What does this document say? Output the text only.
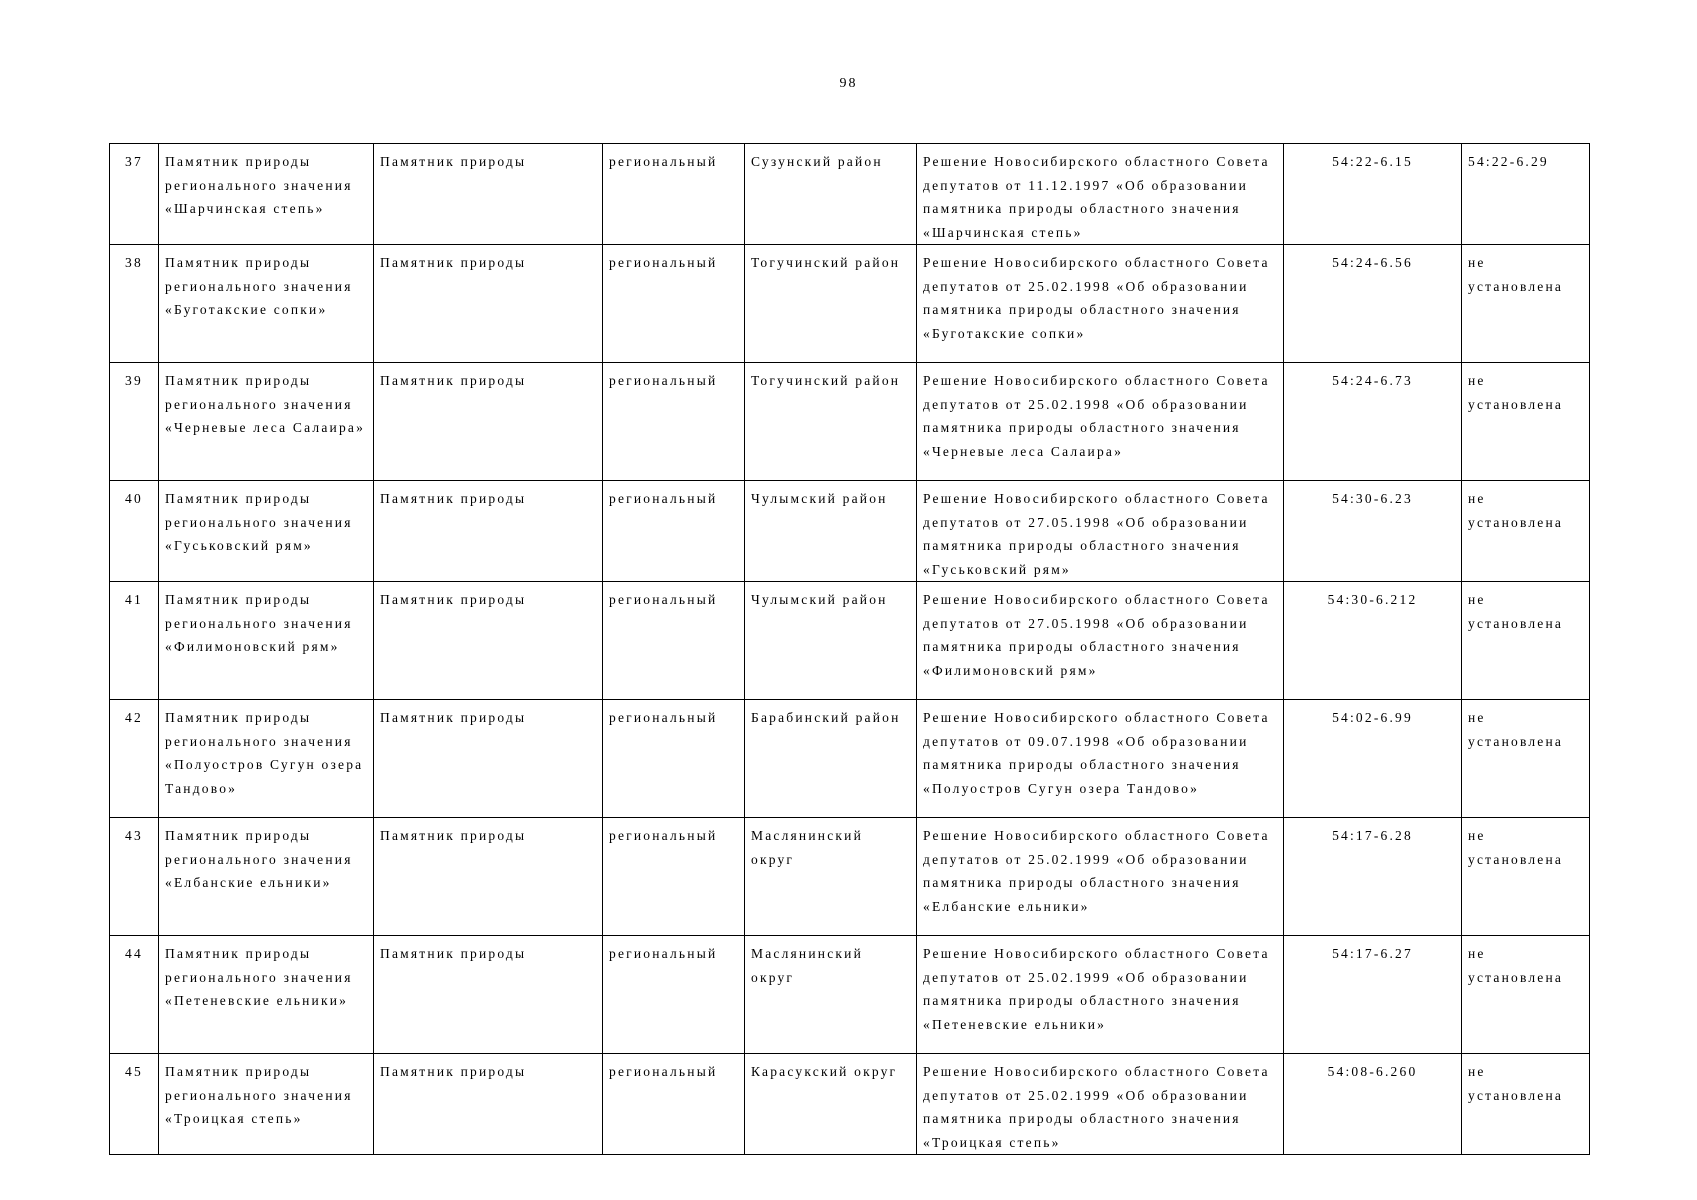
98
37	Памятник природы регионального значения «Шарчинская степь»	Памятник природы	региональный	Сузунский район	Решение Новосибирского областного Совета депутатов от 11.12.1997 «Об образовании памятника природы областного значения «Шарчинская степь»	54:22-6.15	54:22-6.29
38	Памятник природы регионального значения «Буготакские сопки»	Памятник природы	региональный	Тогучинский район	Решение Новосибирского областного Совета депутатов от 25.02.1998 «Об образовании памятника природы областного значения «Буготакские сопки»	54:24-6.56	не установлена
39	Памятник природы регионального значения «Черневые леса Салаира»	Памятник природы	региональный	Тогучинский район	Решение Новосибирского областного Совета депутатов от 25.02.1998 «Об образовании памятника природы областного значения «Черневые леса Салаира»	54:24-6.73	не установлена
40	Памятник природы регионального значения «Гуськовский рям»	Памятник природы	региональный	Чулымский район	Решение Новосибирского областного Совета депутатов от 27.05.1998 «Об образовании памятника природы областного значения «Гуськовский рям»	54:30-6.23	не установлена
41	Памятник природы регионального значения «Филимоновский рям»	Памятник природы	региональный	Чулымский район	Решение Новосибирского областного Совета депутатов от 27.05.1998 «Об образовании памятника природы областного значения «Филимоновский рям»	54:30-6.212	не установлена
42	Памятник природы регионального значения «Полуостров Сугун озера Тандово»	Памятник природы	региональный	Барабинский район	Решение Новосибирского областного Совета депутатов от 09.07.1998 «Об образовании памятника природы областного значения «Полуостров Сугун озера Тандово»	54:02-6.99	не установлена
43	Памятник природы регионального значения «Елбанские ельники»	Памятник природы	региональный	Маслянинский округ	Решение Новосибирского областного Совета депутатов от 25.02.1999 «Об образовании памятника природы областного значения «Елбанские ельники»	54:17-6.28	не установлена
44	Памятник природы регионального значения «Петеневские ельники»	Памятник природы	региональный	Маслянинский округ	Решение Новосибирского областного Совета депутатов от 25.02.1999 «Об образовании памятника природы областного значения «Петеневские ельники»	54:17-6.27	не установлена
45	Памятник природы регионального значения «Троицкая степь»	Памятник природы	региональный	Карасукский округ	Решение Новосибирского областного Совета депутатов от 25.02.1999 «Об образовании памятника природы областного значения «Троицкая степь»	54:08-6.260	не установлена
